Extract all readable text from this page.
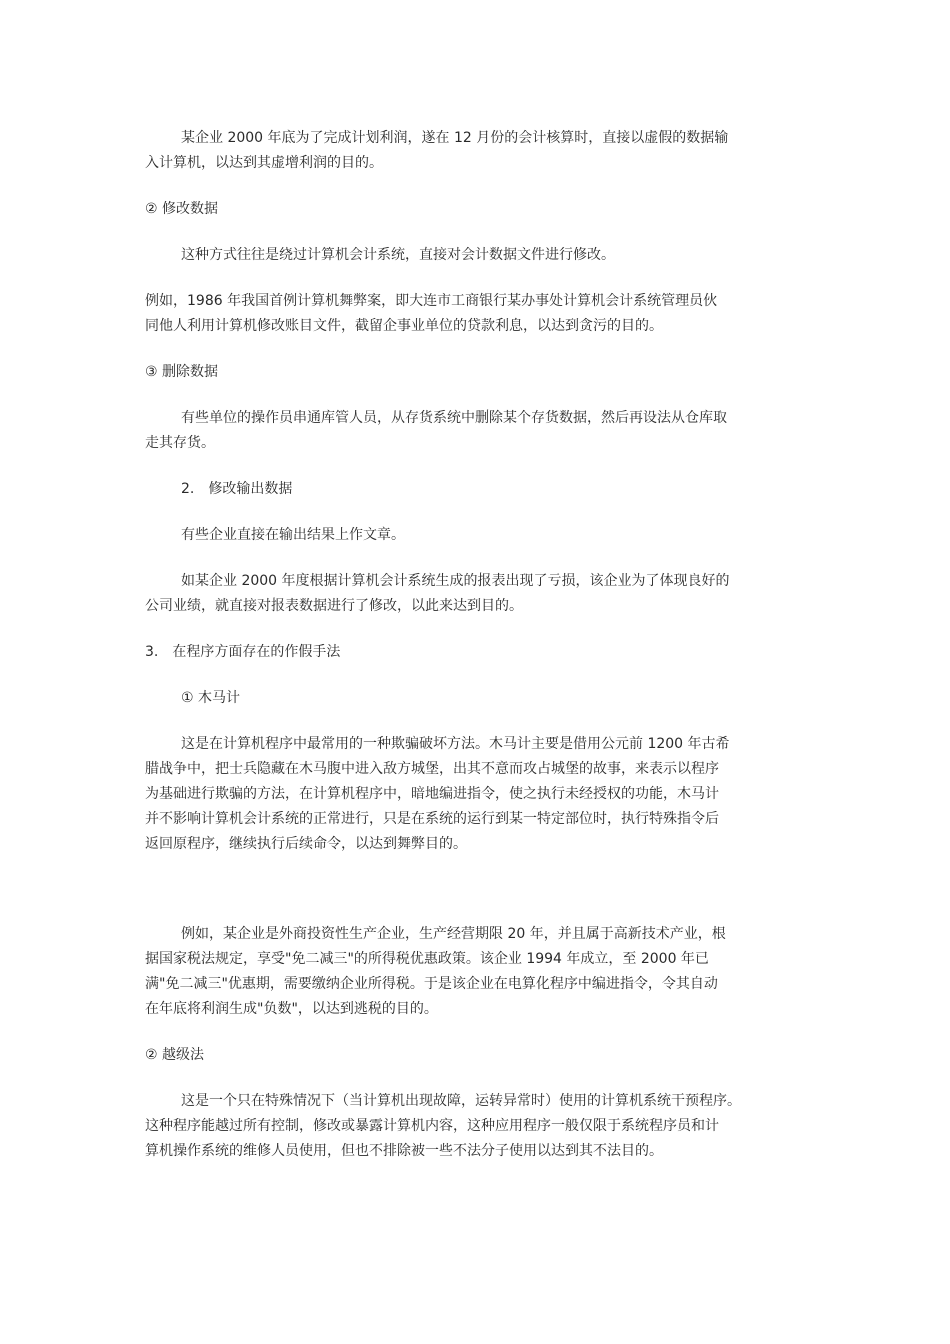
某企业 2000 年底为了完成计划利润，遂在 12 月份的会计核算时，直接以虚假的数据输
入计算机，以达到其虚增利润的目的。
② 修改数据
这种方式往往是绕过计算机会计系统，直接对会计数据文件进行修改。
例如，1986 年我国首例计算机舞弊案，即大连市工商银行某办事处计算机会计系统管理员伙
同他人利用计算机修改账目文件，截留企事业单位的贷款利息，以达到贪污的目的。
③ 删除数据
有些单位的操作员串通库管人员，从存货系统中删除某个存货数据，然后再设法从仓库取
走其存货。
2.　修改输出数据
有些企业直接在输出结果上作文章。
如某企业 2000 年度根据计算机会计系统生成的报表出现了亏损，该企业为了体现良好的
公司业绩，就直接对报表数据进行了修改，以此来达到目的。
3.　在程序方面存在的作假手法
① 木马计
这是在计算机程序中最常用的一种欺骗破坏方法。木马计主要是借用公元前 1200 年古希
腊战争中，把士兵隐藏在木马腹中进入敌方城堡，出其不意而攻占城堡的故事，来表示以程序
为基础进行欺骗的方法，在计算机程序中，暗地编进指令，使之执行未经授权的功能，木马计
并不影响计算机会计系统的正常进行，只是在系统的运行到某一特定部位时，执行特殊指令后
返回原程序，继续执行后续命令，以达到舞弊目的。
例如，某企业是外商投资性生产企业，生产经营期限 20 年，并且属于高新技术产业，根
据国家税法规定，享受"免二减三"的所得税优惠政策。该企业 1994 年成立，至 2000 年已
满"免二减三"优惠期，需要缴纳企业所得税。于是该企业在电算化程序中编进指令，令其自动
在年底将利润生成"负数"，以达到逃税的目的。
② 越级法
这是一个只在特殊情况下（当计算机出现故障，运转异常时）使用的计算机系统干预程序。
这种程序能越过所有控制，修改或暴露计算机内容，这种应用程序一般仅限于系统程序员和计
算机操作系统的维修人员使用，但也不排除被一些不法分子使用以达到其不法目的。
